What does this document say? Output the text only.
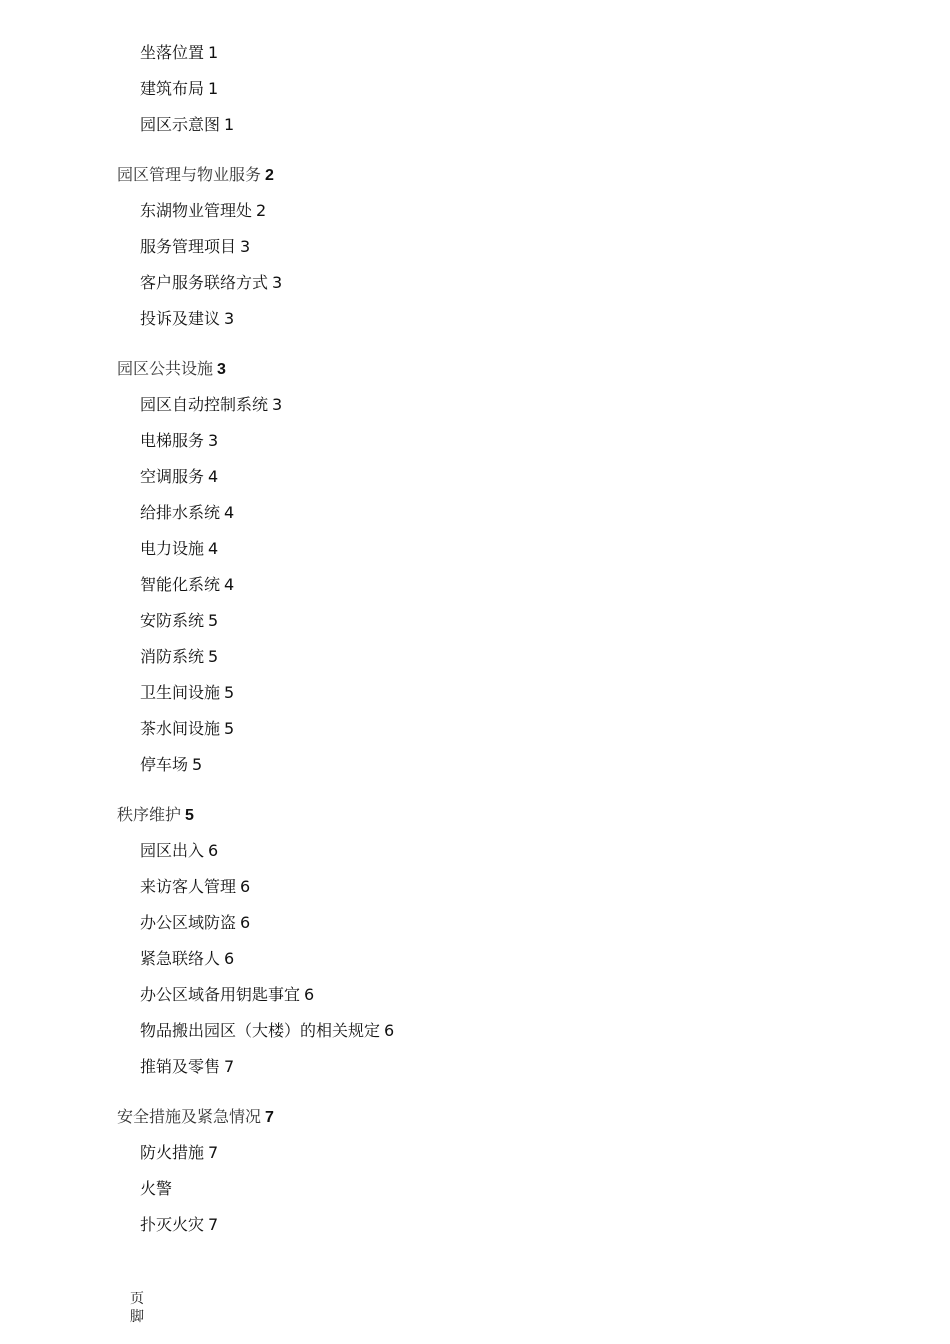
坐落位置 1
建筑布局 1
园区示意图 1
园区管理与物业服务 2
东湖物业管理处 2
服务管理项目 3
客户服务联络方式 3
投诉及建议 3
园区公共设施 3
园区自动控制系统 3
电梯服务 3
空调服务 4
给排水系统 4
电力设施 4
智能化系统 4
安防系统 5
消防系统 5
卫生间设施 5
茶水间设施 5
停车场 5
秩序维护 5
园区出入 6
来访客人管理 6
办公区域防盗 6
紧急联络人 6
办公区域备用钥匙事宜 6
物品搬出园区（大楼）的相关规定 6
推销及零售 7
安全措施及紧急情况 7
防火措施 7
火警
扑灭火灾 7
页脚
